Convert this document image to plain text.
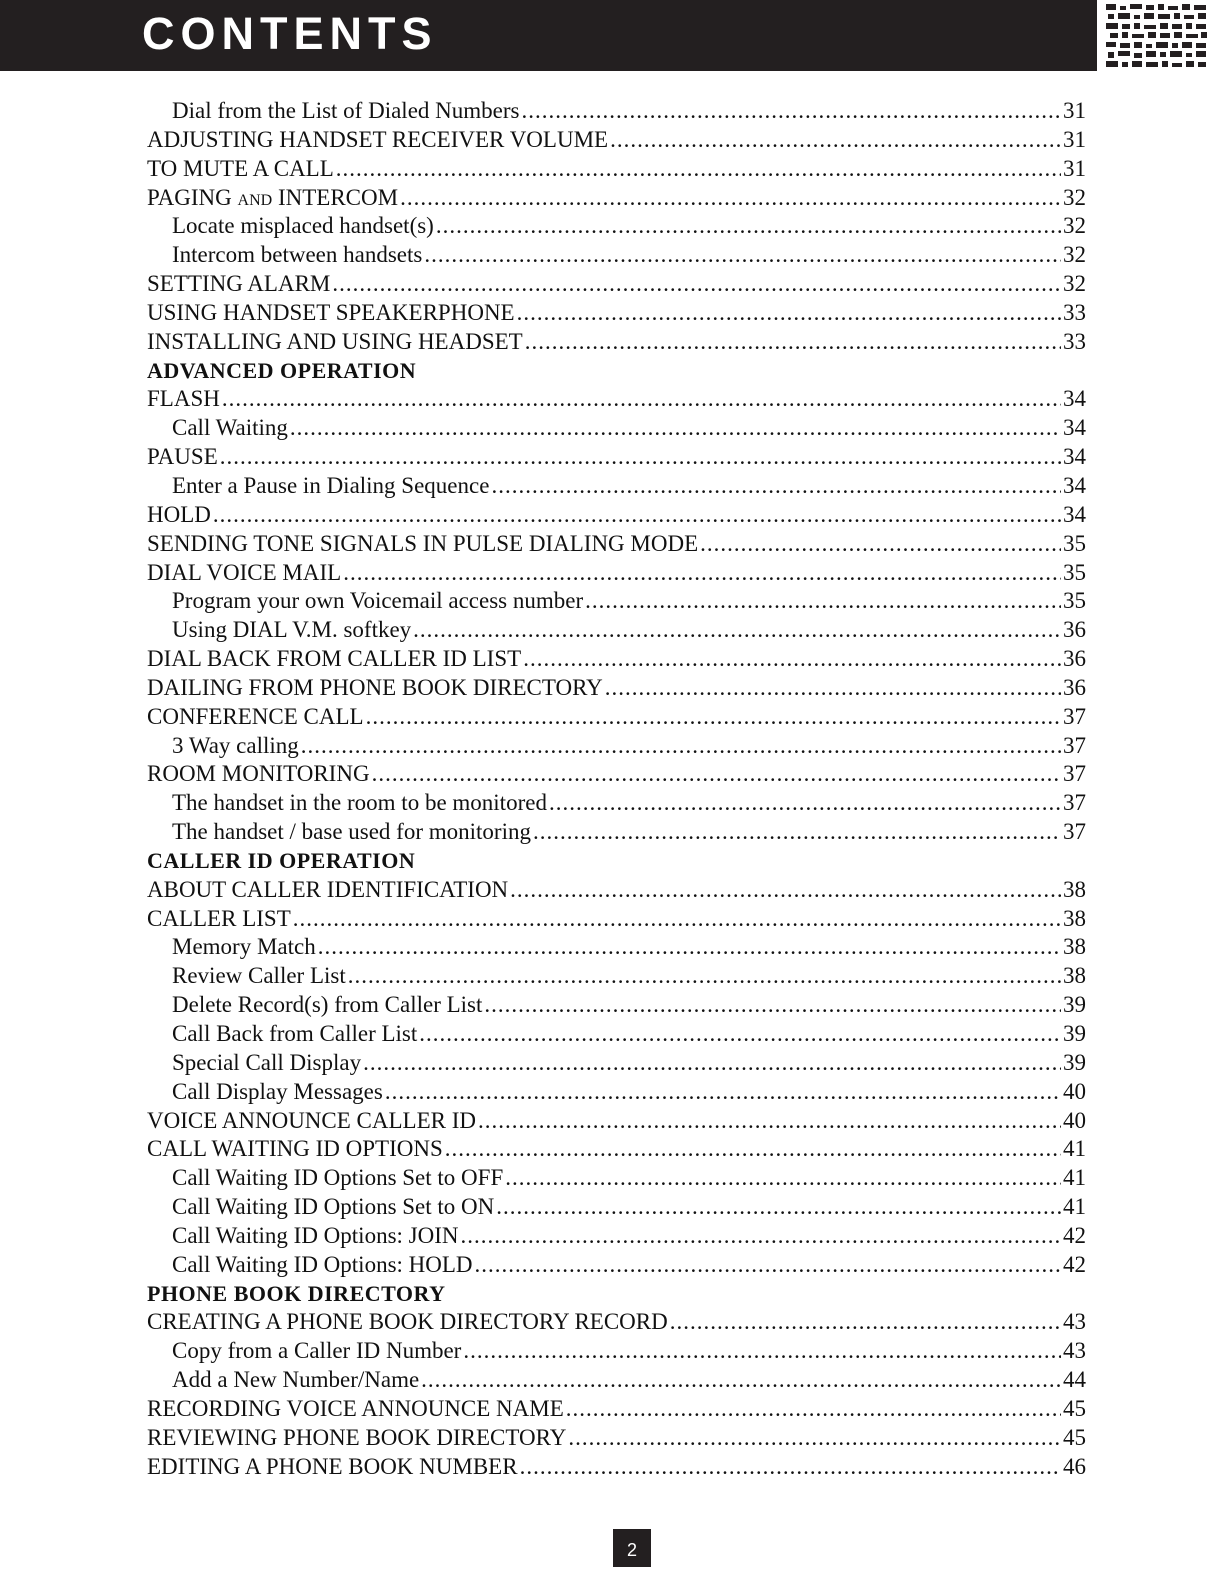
CONTENTS
Dial from the List of Dialed Numbers .....	31
ADJUSTING HANDSET RECEIVER VOLUME .....	31
TO MUTE A CALL .....	31
PAGING AND INTERCOM .....	32
Locate misplaced handset(s) .....	32
Intercom between handsets .....	32
SETTING ALARM .....	32
USING HANDSET SPEAKERPHONE .....	33
INSTALLING AND USING HEADSET .....	33
ADVANCED OPERATION
FLASH .....	34
Call Waiting .....	34
PAUSE .....	34
Enter a Pause in Dialing Sequence .....	34
HOLD .....	34
SENDING TONE SIGNALS IN PULSE DIALING MODE .....	35
DIAL VOICE MAIL .....	35
Program your own Voicemail access number .....	35
Using DIAL V.M. softkey .....	36
DIAL BACK FROM CALLER ID LIST .....	36
DAILING FROM PHONE BOOK DIRECTORY .....	36
CONFERENCE CALL .....	37
3 Way calling .....	37
ROOM MONITORING .....	37
The handset in the room to be monitored .....	37
The handset / base used for monitoring .....	37
CALLER ID OPERATION
ABOUT CALLER IDENTIFICATION .....	38
CALLER LIST .....	38
Memory Match .....	38
Review Caller List .....	38
Delete Record(s) from Caller List .....	39
Call Back from Caller List .....	39
Special Call Display .....	39
Call Display Messages .....	40
VOICE ANNOUNCE CALLER ID .....	40
CALL WAITING ID OPTIONS .....	41
Call Waiting ID Options Set to OFF .....	41
Call Waiting ID Options Set to ON .....	41
Call Waiting ID Options: JOIN .....	42
Call Waiting ID Options: HOLD .....	42
PHONE BOOK DIRECTORY
CREATING A PHONE BOOK DIRECTORY RECORD .....	43
Copy from a Caller ID Number .....	43
Add a New Number/Name .....	44
RECORDING VOICE ANNOUNCE NAME .....	45
REVIEWING PHONE BOOK DIRECTORY .....	45
EDITING A PHONE BOOK NUMBER .....	46
2
